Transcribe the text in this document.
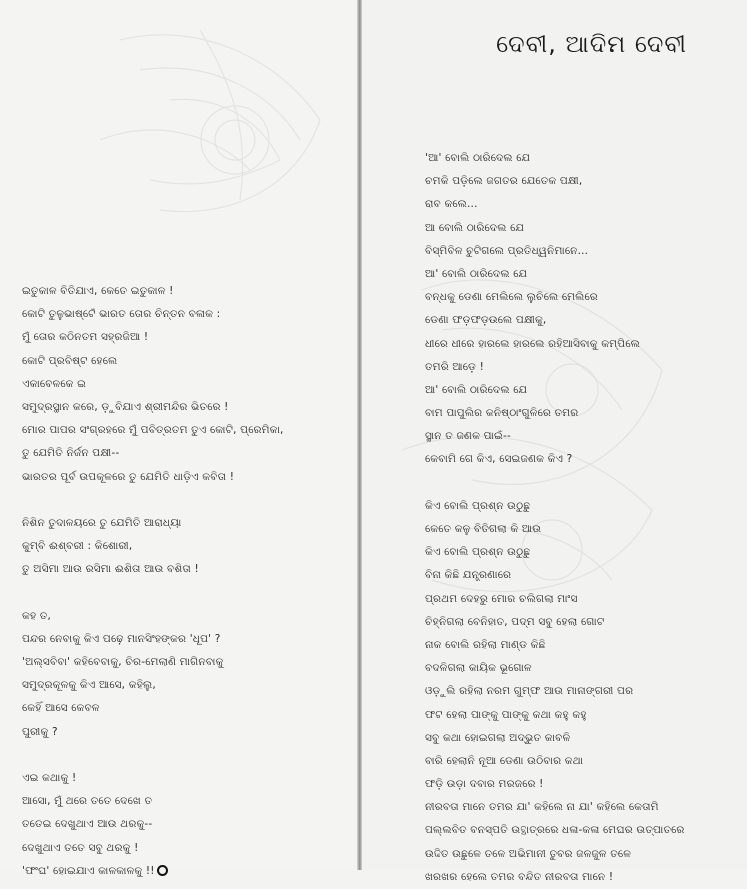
ଦେବୀ, ଆଦିମ ଦେବୀ
ଇତୁକାଳ ବିତିଯାଏ, କେତେ ଇତୁକାଳ !
କୋଟି ତୁଳୁଭାଷ୍ଟେଁ ଭାରତ ତୋର ଚିନ୍ତନ ବଳାକ :
ମୁଁ ତୋର କଠିନତମ ସହ୍ରଜିଆ !
କୋଟି ପ୍ରବିଷ୍ଟ ହେଲେ
ଏକାବେଳକେ ଇ
ସମୁଦ୍ରସ୍ଥାନ କରେ, ଡ଼ୁବିଯାଏ ଶ୍ରୀମନ୍ଦିର ଭିତରେ !
ମୋର ପାପର ସଂଗ୍ରହରେ ମୁଁ ପବିତ୍ରତମ ତୁଏ କୋଟି, ପ୍ରେମିକା,
ତୁ ଯେମିତି ନିର୍ଜନ ପକ୍ଷୀ--
ଭାରତର ପୂର୍ବ ଉପକୂଳରେ ତୁ ଯେମିତି ଧାଡ଼ିଏ କବିତା !
ନିଶିନ ତୁଦାଳୟରେ ତୁ ଯେମିତି ଆରାଧ୍ୟା
କୁମ୍ବି ଈଶ୍ବରୀ : କିଶୋରୀ,
ତୁ ଅସିମା ଆଉ ରସିମା ଈଶିତା ଆଉ ବଶିତା !
କହ ତ,
ପନ୍ଦର ନେବାକୁ କିଏ ପଢ଼େ ମାନସିଂହଙ୍କର 'ଧୂପ' ?
'ଅଲ୍ସବିବା' କହିବେବାକୁ, ଚିର-ମେଲାଣି ମାଗିନବାକୁ
ସମୁଦ୍ରକୂଳକୁ କିଏ ଆସେ, କହିଲୁ,
କେହିଁ ଆସେ କେବଳ
ପୁରୀକୁ ?
ଏଇ କଥାକୁ !
ଆସୋ, ମୁଁ ଥରେ ତତେ ଦେଖେ ତ
ତତେଇ ଦେଖୁଥାଏ ଆଉ ଥରକୁ--
ଦେଖୁଥାଏ ତତେ ସବୁ ଥରକୁ !
'ଫଂଘ' ହୋଇଯାଏ କାଳକାଳକୁ !!
'ଆ' ବୋଲି ଠାରିଦେଲ ଯେ
ଚମକି ପଡ଼ିଲେ ଜଗତର ଯେତେକ ପକ୍ଷୀ,
ରାବ କଲେ...
ଆ ବୋଲି ଠାରିଦେଲ ଯେ
ବିସ୍ମିବିଳ ଚୁଟିଗଲେ ପ୍ରତିଧ୍ୱନିମାନେ...
ଆ' ବୋଲି ଠାରିଦେଲ ଯେ
ବନ୍ଧକୁ ଡେଣା ମେଲିଲେ ଲୁଚିଲେ ମେଲିରେ
ଡେଣା ଫଡ଼ଫଡ଼ଉଲେ ପକ୍ଷୀକୁ,
ଧୀରେ ଧୀରେ ହାରଲେ ହାରଲେ ରହିଆସିବାକୁ କମ୍ପିଲେ
ତମରି ଆଡ଼େ !
ଆ' ବୋଲି ଠାରିଦେଲ ଯେ
ବାମ ପାପୁଲିର କନିଷ୍ଠାଂଗୁଳିରେ ତମର
ସ୍ଥାନ ତ ଜଣକ ପାଇଁ--
କେବାମି ଗେ କିଏ, ସେଇଜଣକ କିଏ ?
କିଏ ବୋଲି ପ୍ରଶ୍ନ ଉଠୁଛୁ
କେତେ କଳୁ ବିତିଗଲା କି ଆଉ
କିଏ ବୋଲି ପ୍ରଶ୍ନ ଉଠୁଛୁ
ବିନା କିଛି ଯନ୍ତ୍ରଣାରେ
ପ୍ରଥମ ଦେହରୁ ମୋର ଚଲିଗଲା ମାଂସ
ଚିହ୍ନିଗଲା ବେନିହାତ, ପଦ୍ମ ସବୁ ହେଲା ଗୋଟ
ନାକ ବୋଲି ରହିଲା ମାଣ୍ଡ କିଛି
ବଦଳିଗଲା କାୟିକ ଭୂଗୋଳ
ଓଡ଼ୁଲି ରହିଲା ନରମ ଗୁମ୍ଫ ଆଉ ମାନାଙ୍ଗରୀ ପର
ଫଟ ହେଲା ପାଙ୍କୁ ପାଙ୍କୁ କଥା କହୁ କହୁ
ସବୁ କଥା ହୋଇଗଲା ଅଦ୍ଭୁତ କାବଳି
ବାରି ହେଲାନି ନୂଆ ଡେଣା ଉଠିବାର କଥା
ଫଡ଼ି ଉଡ଼ା ଦବାର ମରଜରେ !
ନୀରବତା ମାନେ ତମର ଯା' କହିଲେ ନା ଯା' କହିଲେ କେତାମି
ପଲ୍ଲବିତ ବନସ୍ପତି ଉତ୍ଥାତ୍ରରେ ଧଳା-କଳା ମେଘର ଉତ୍ପାତରେ
ଉଦ୍ଦିତ ଉଛୁଳେ ତଳେ ଅଭିମାନୀ ତୁବର ଜଳଜୁଳ ତଳେ
ଖରଖର ହେଲେ ତମର ବନ୍ଦିତ ନୀରବତା ମାନେ !
